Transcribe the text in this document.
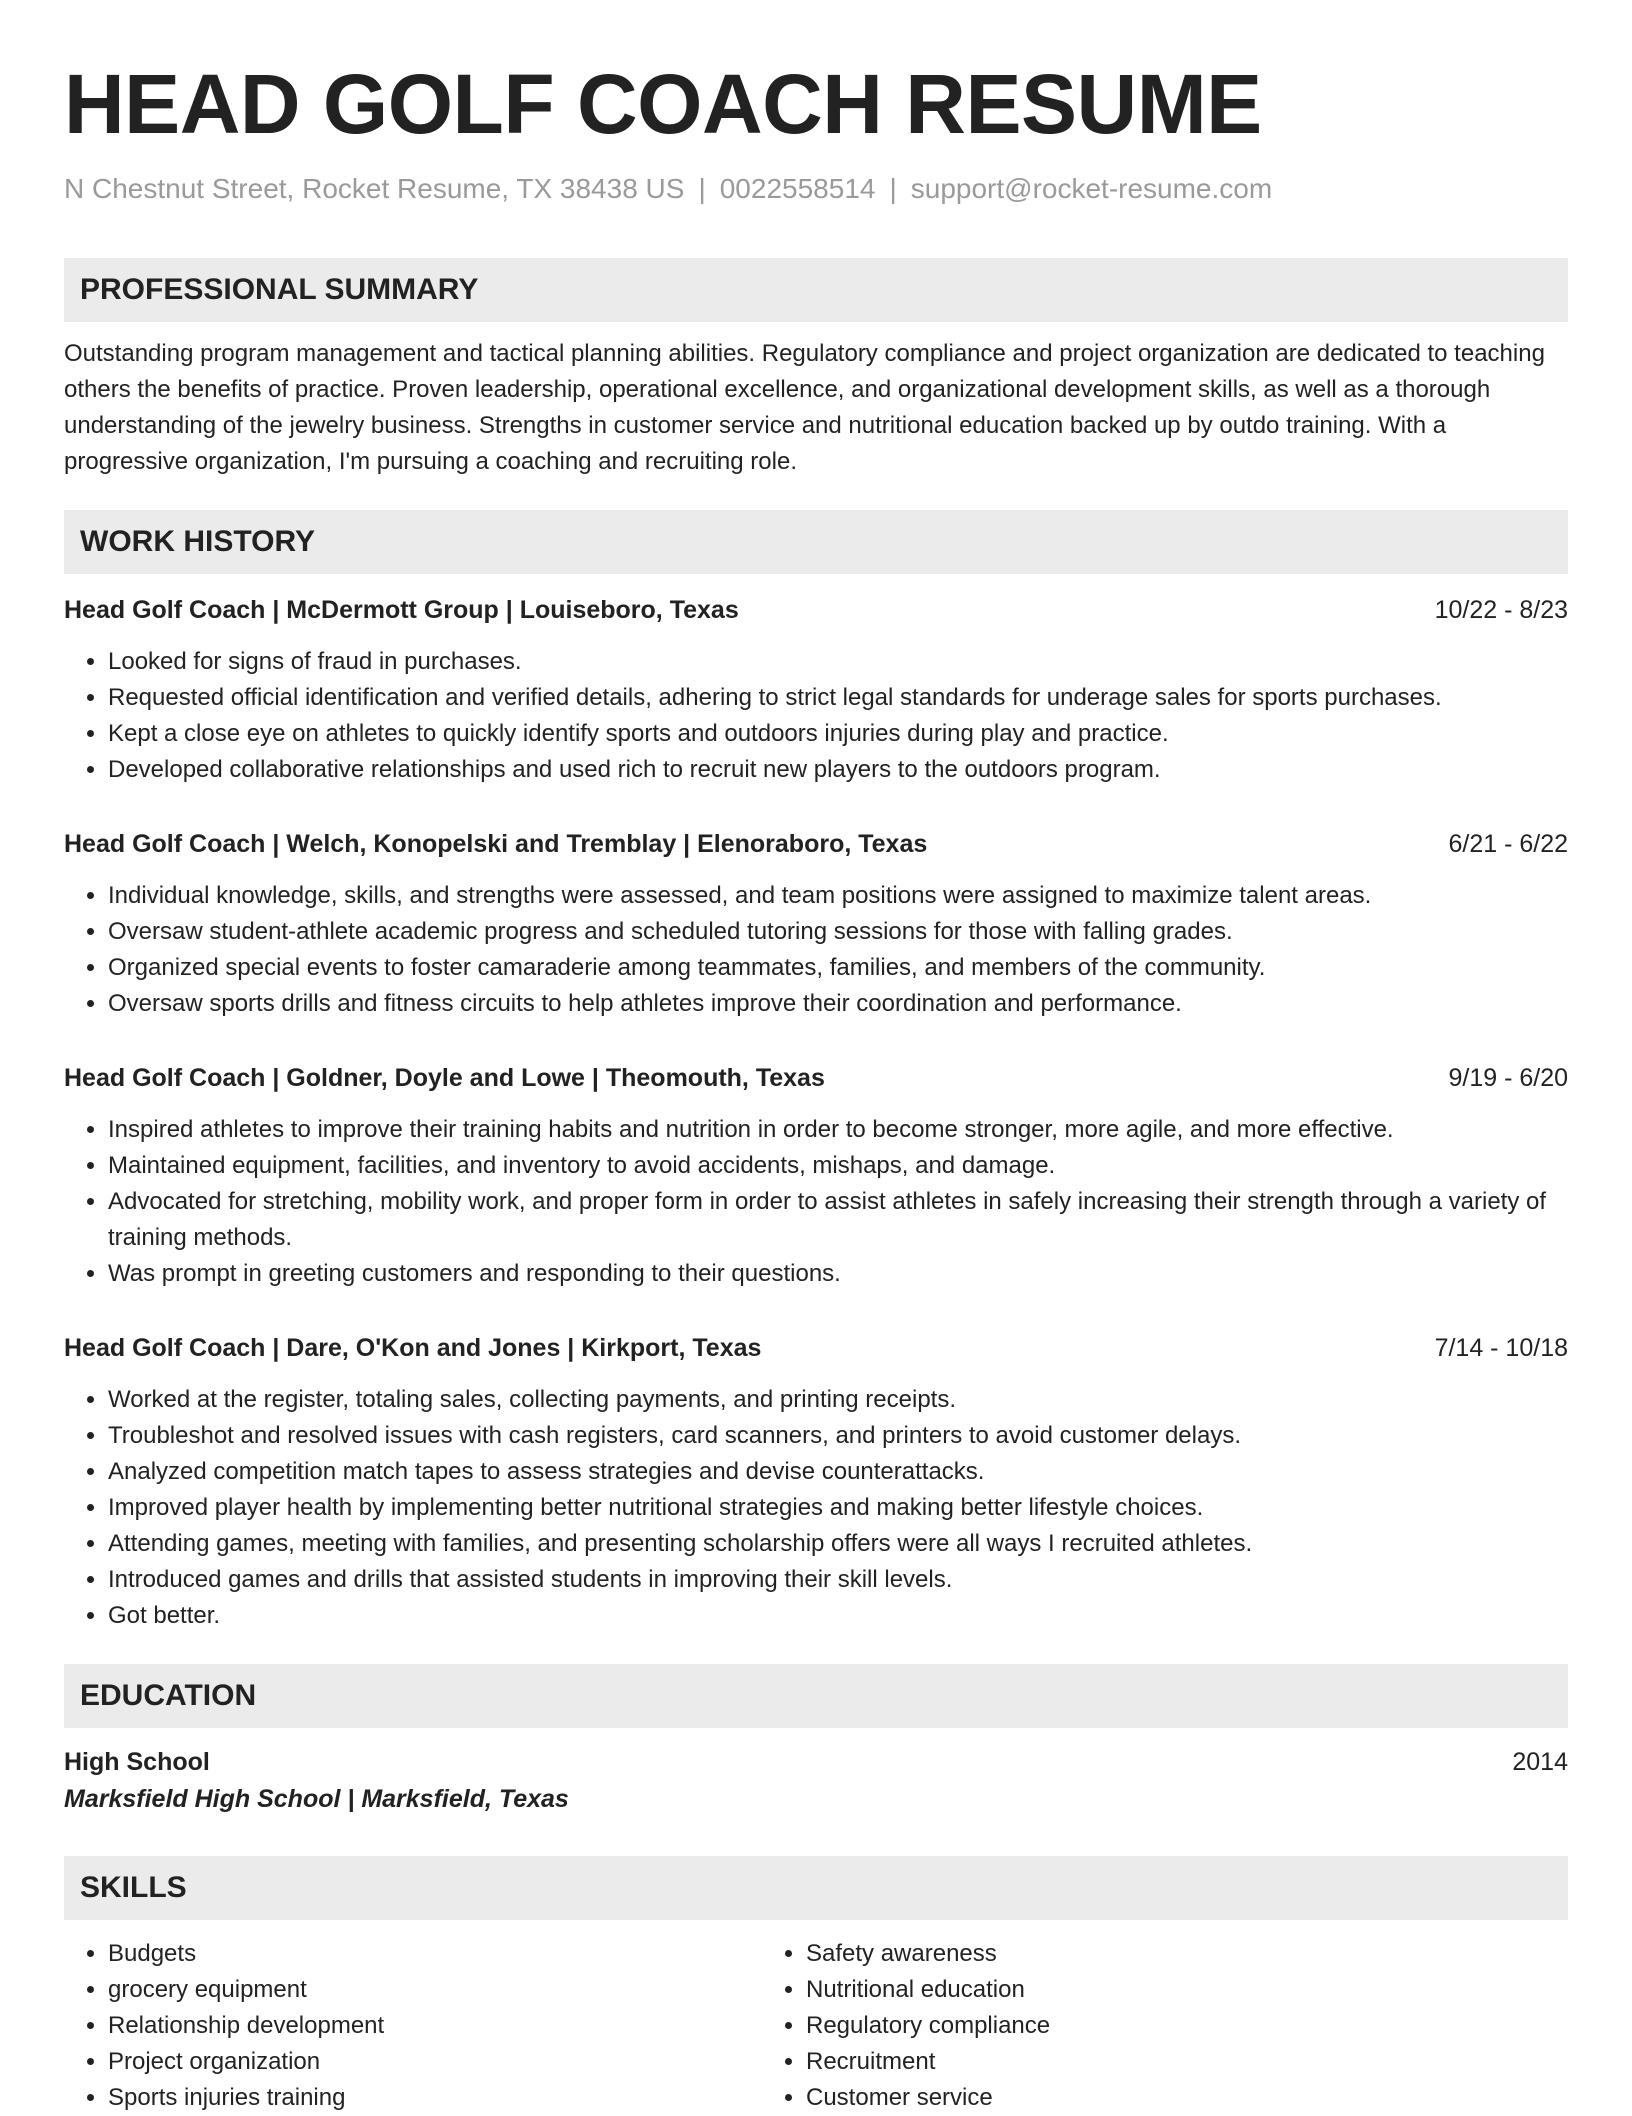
HEAD GOLF COACH RESUME
N Chestnut Street, Rocket Resume, TX 38438 US | 0022558514 | support@rocket-resume.com
PROFESSIONAL SUMMARY
Outstanding program management and tactical planning abilities. Regulatory compliance and project organization are dedicated to teaching others the benefits of practice. Proven leadership, operational excellence, and organizational development skills, as well as a thorough understanding of the jewelry business. Strengths in customer service and nutritional education backed up by outdo training. With a progressive organization, I'm pursuing a coaching and recruiting role.
WORK HISTORY
Head Golf Coach | McDermott Group | Louiseboro, Texas	10/22 - 8/23
• Looked for signs of fraud in purchases.
• Requested official identification and verified details, adhering to strict legal standards for underage sales for sports purchases.
• Kept a close eye on athletes to quickly identify sports and outdoors injuries during play and practice.
• Developed collaborative relationships and used rich to recruit new players to the outdoors program.
Head Golf Coach | Welch, Konopelski and Tremblay | Elenoraboro, Texas	6/21 - 6/22
• Individual knowledge, skills, and strengths were assessed, and team positions were assigned to maximize talent areas.
• Oversaw student-athlete academic progress and scheduled tutoring sessions for those with falling grades.
• Organized special events to foster camaraderie among teammates, families, and members of the community.
• Oversaw sports drills and fitness circuits to help athletes improve their coordination and performance.
Head Golf Coach | Goldner, Doyle and Lowe | Theomouth, Texas	9/19 - 6/20
• Inspired athletes to improve their training habits and nutrition in order to become stronger, more agile, and more effective.
• Maintained equipment, facilities, and inventory to avoid accidents, mishaps, and damage.
• Advocated for stretching, mobility work, and proper form in order to assist athletes in safely increasing their strength through a variety of training methods.
• Was prompt in greeting customers and responding to their questions.
Head Golf Coach | Dare, O'Kon and Jones | Kirkport, Texas	7/14 - 10/18
• Worked at the register, totaling sales, collecting payments, and printing receipts.
• Troubleshot and resolved issues with cash registers, card scanners, and printers to avoid customer delays.
• Analyzed competition match tapes to assess strategies and devise counterattacks.
• Improved player health by implementing better nutritional strategies and making better lifestyle choices.
• Attending games, meeting with families, and presenting scholarship offers were all ways I recruited athletes.
• Introduced games and drills that assisted students in improving their skill levels.
• Got better.
EDUCATION
High School	2014
Marksfield High School | Marksfield, Texas
SKILLS
• Budgets
• grocery equipment
• Relationship development
• Project organization
• Sports injuries training
• Safety awareness
• Nutritional education
• Regulatory compliance
• Recruitment
• Customer service
